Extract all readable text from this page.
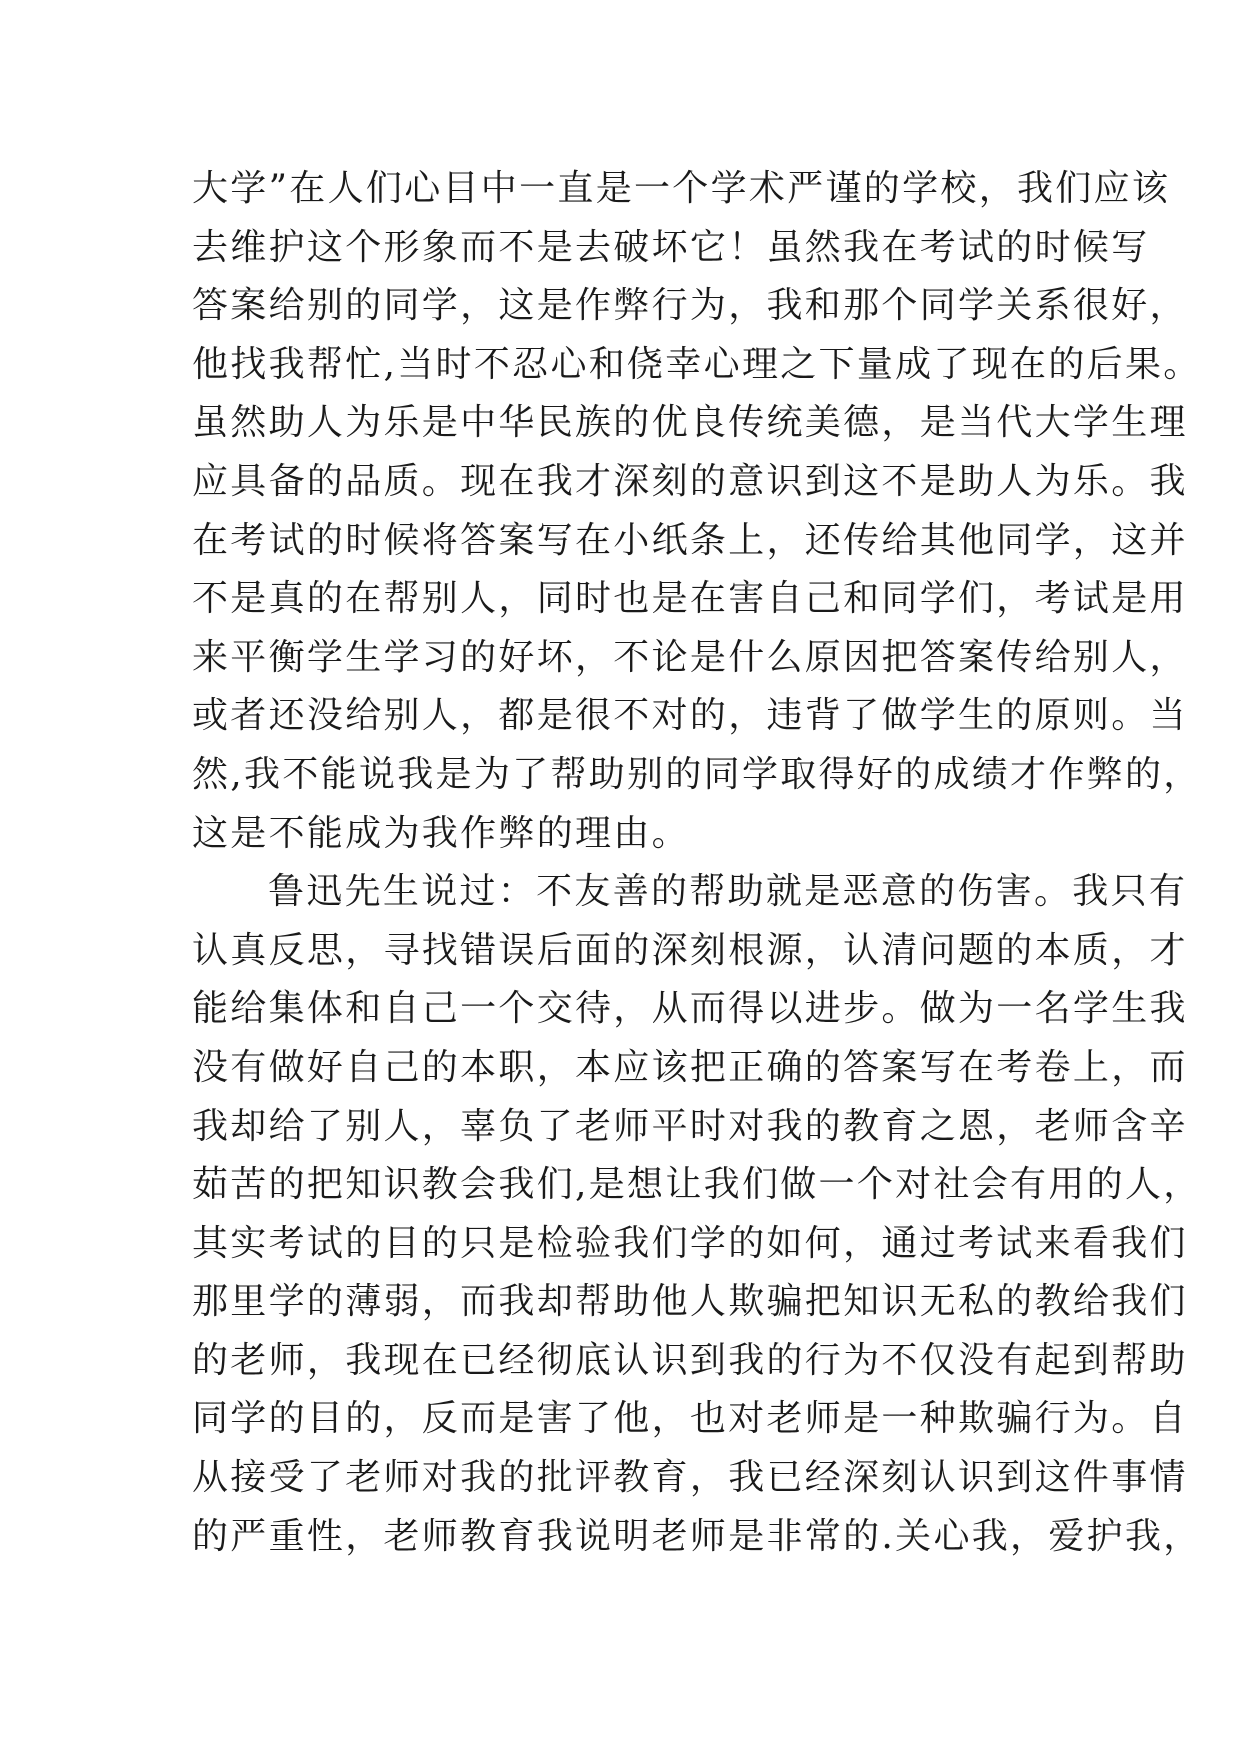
大学”在人们心目中一直是一个学术严谨的学校，我们应该
去维护这个形象而不是去破坏它！虽然我在考试的时候写
答案给别的同学，这是作弊行为，我和那个同学关系很好，
他找我帮忙,当时不忍心和侥幸心理之下量成了现在的后果。
虽然助人为乐是中华民族的优良传统美德，是当代大学生理
应具备的品质。现在我才深刻的意识到这不是助人为乐。我
在考试的时候将答案写在小纸条上，还传给其他同学，这并
不是真的在帮别人，同时也是在害自己和同学们，考试是用
来平衡学生学习的好坏，不论是什么原因把答案传给别人，
或者还没给别人，都是很不对的，违背了做学生的原则。当
然,我不能说我是为了帮助别的同学取得好的成绩才作弊的，
这是不能成为我作弊的理由。
鲁迅先生说过：不友善的帮助就是恶意的伤害。我只有
认真反思，寻找错误后面的深刻根源，认清问题的本质，才
能给集体和自己一个交待，从而得以进步。做为一名学生我
没有做好自己的本职，本应该把正确的答案写在考卷上，而
我却给了别人，辜负了老师平时对我的教育之恩，老师含辛
茹苦的把知识教会我们,是想让我们做一个对社会有用的人，
其实考试的目的只是检验我们学的如何，通过考试来看我们
那里学的薄弱，而我却帮助他人欺骗把知识无私的教给我们
的老师，我现在已经彻底认识到我的行为不仅没有起到帮助
同学的目的，反而是害了他，也对老师是一种欺骗行为。自
从接受了老师对我的批评教育，我已经深刻认识到这件事情
的严重性，老师教育我说明老师是非常的.关心我，爱护我，
